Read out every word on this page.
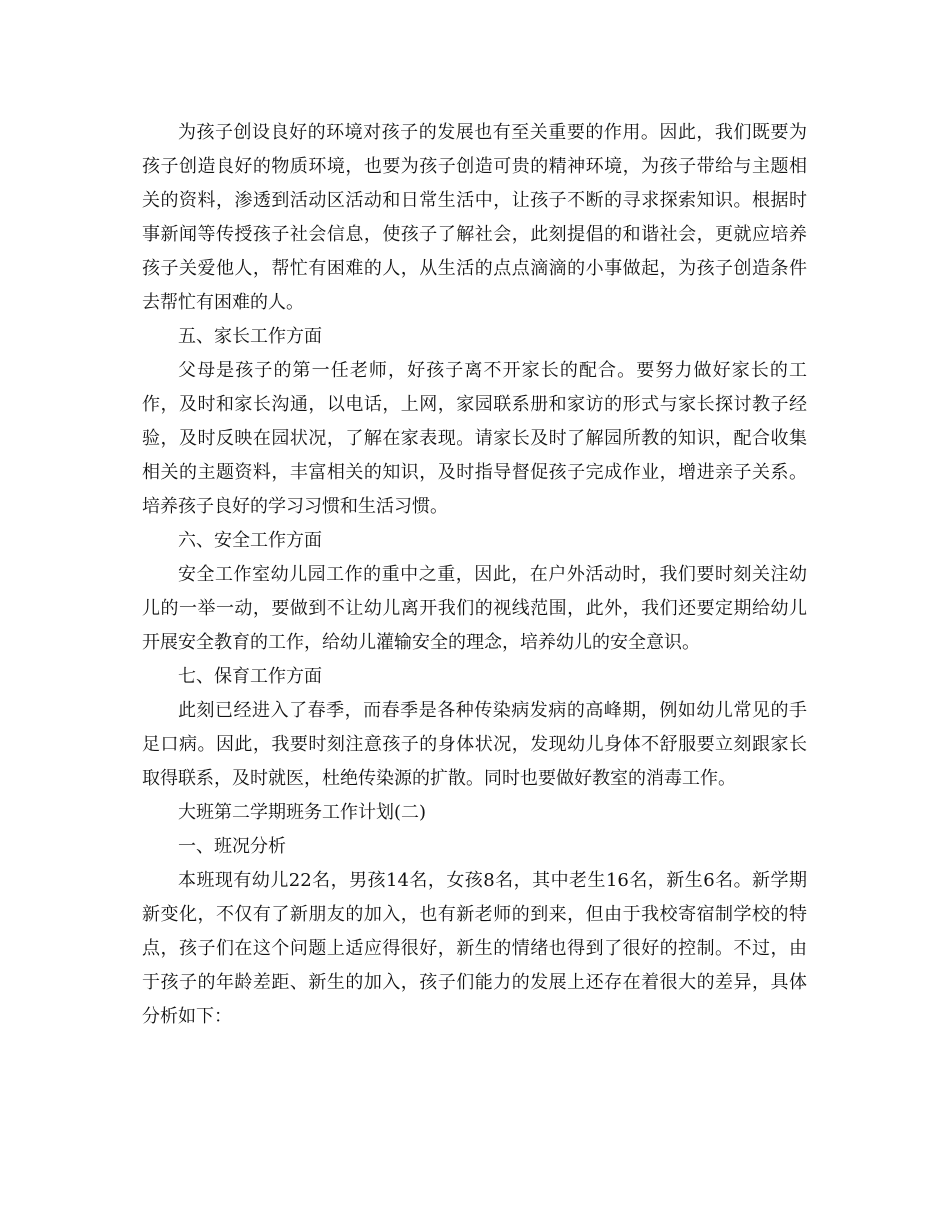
为孩子创设良好的环境对孩子的发展也有至关重要的作用。因此，我们既要为孩子创造良好的物质环境，也要为孩子创造可贵的精神环境，为孩子带给与主题相关的资料，渗透到活动区活动和日常生活中，让孩子不断的寻求探索知识。根据时事新闻等传授孩子社会信息，使孩子了解社会，此刻提倡的和谐社会，更就应培养孩子关爱他人，帮忙有困难的人，从生活的点点滴滴的小事做起，为孩子创造条件去帮忙有困难的人。

五、家长工作方面

父母是孩子的第一任老师，好孩子离不开家长的配合。要努力做好家长的工作，及时和家长沟通，以电话，上网，家园联系册和家访的形式与家长探讨教子经验，及时反映在园状况，了解在家表现。请家长及时了解园所教的知识，配合收集相关的主题资料，丰富相关的知识，及时指导督促孩子完成作业，增进亲子关系。培养孩子良好的学习习惯和生活习惯。

六、安全工作方面

安全工作室幼儿园工作的重中之重，因此，在户外活动时，我们要时刻关注幼儿的一举一动，要做到不让幼儿离开我们的视线范围，此外，我们还要定期给幼儿开展安全教育的工作，给幼儿灌输安全的理念，培养幼儿的安全意识。

七、保育工作方面

此刻已经进入了春季，而春季是各种传染病发病的高峰期，例如幼儿常见的手足口病。因此，我要时刻注意孩子的身体状况，发现幼儿身体不舒服要立刻跟家长取得联系，及时就医，杜绝传染源的扩散。同时也要做好教室的消毒工作。

大班第二学期班务工作计划(二)

一、班况分析

本班现有幼儿22名，男孩14名，女孩8名，其中老生16名，新生6名。新学期新变化，不仅有了新朋友的加入，也有新老师的到来，但由于我校寄宿制学校的特点，孩子们在这个问题上适应得很好，新生的情绪也得到了很好的控制。不过，由于孩子的年龄差距、新生的加入，孩子们能力的发展上还存在着很大的差异，具体分析如下：
